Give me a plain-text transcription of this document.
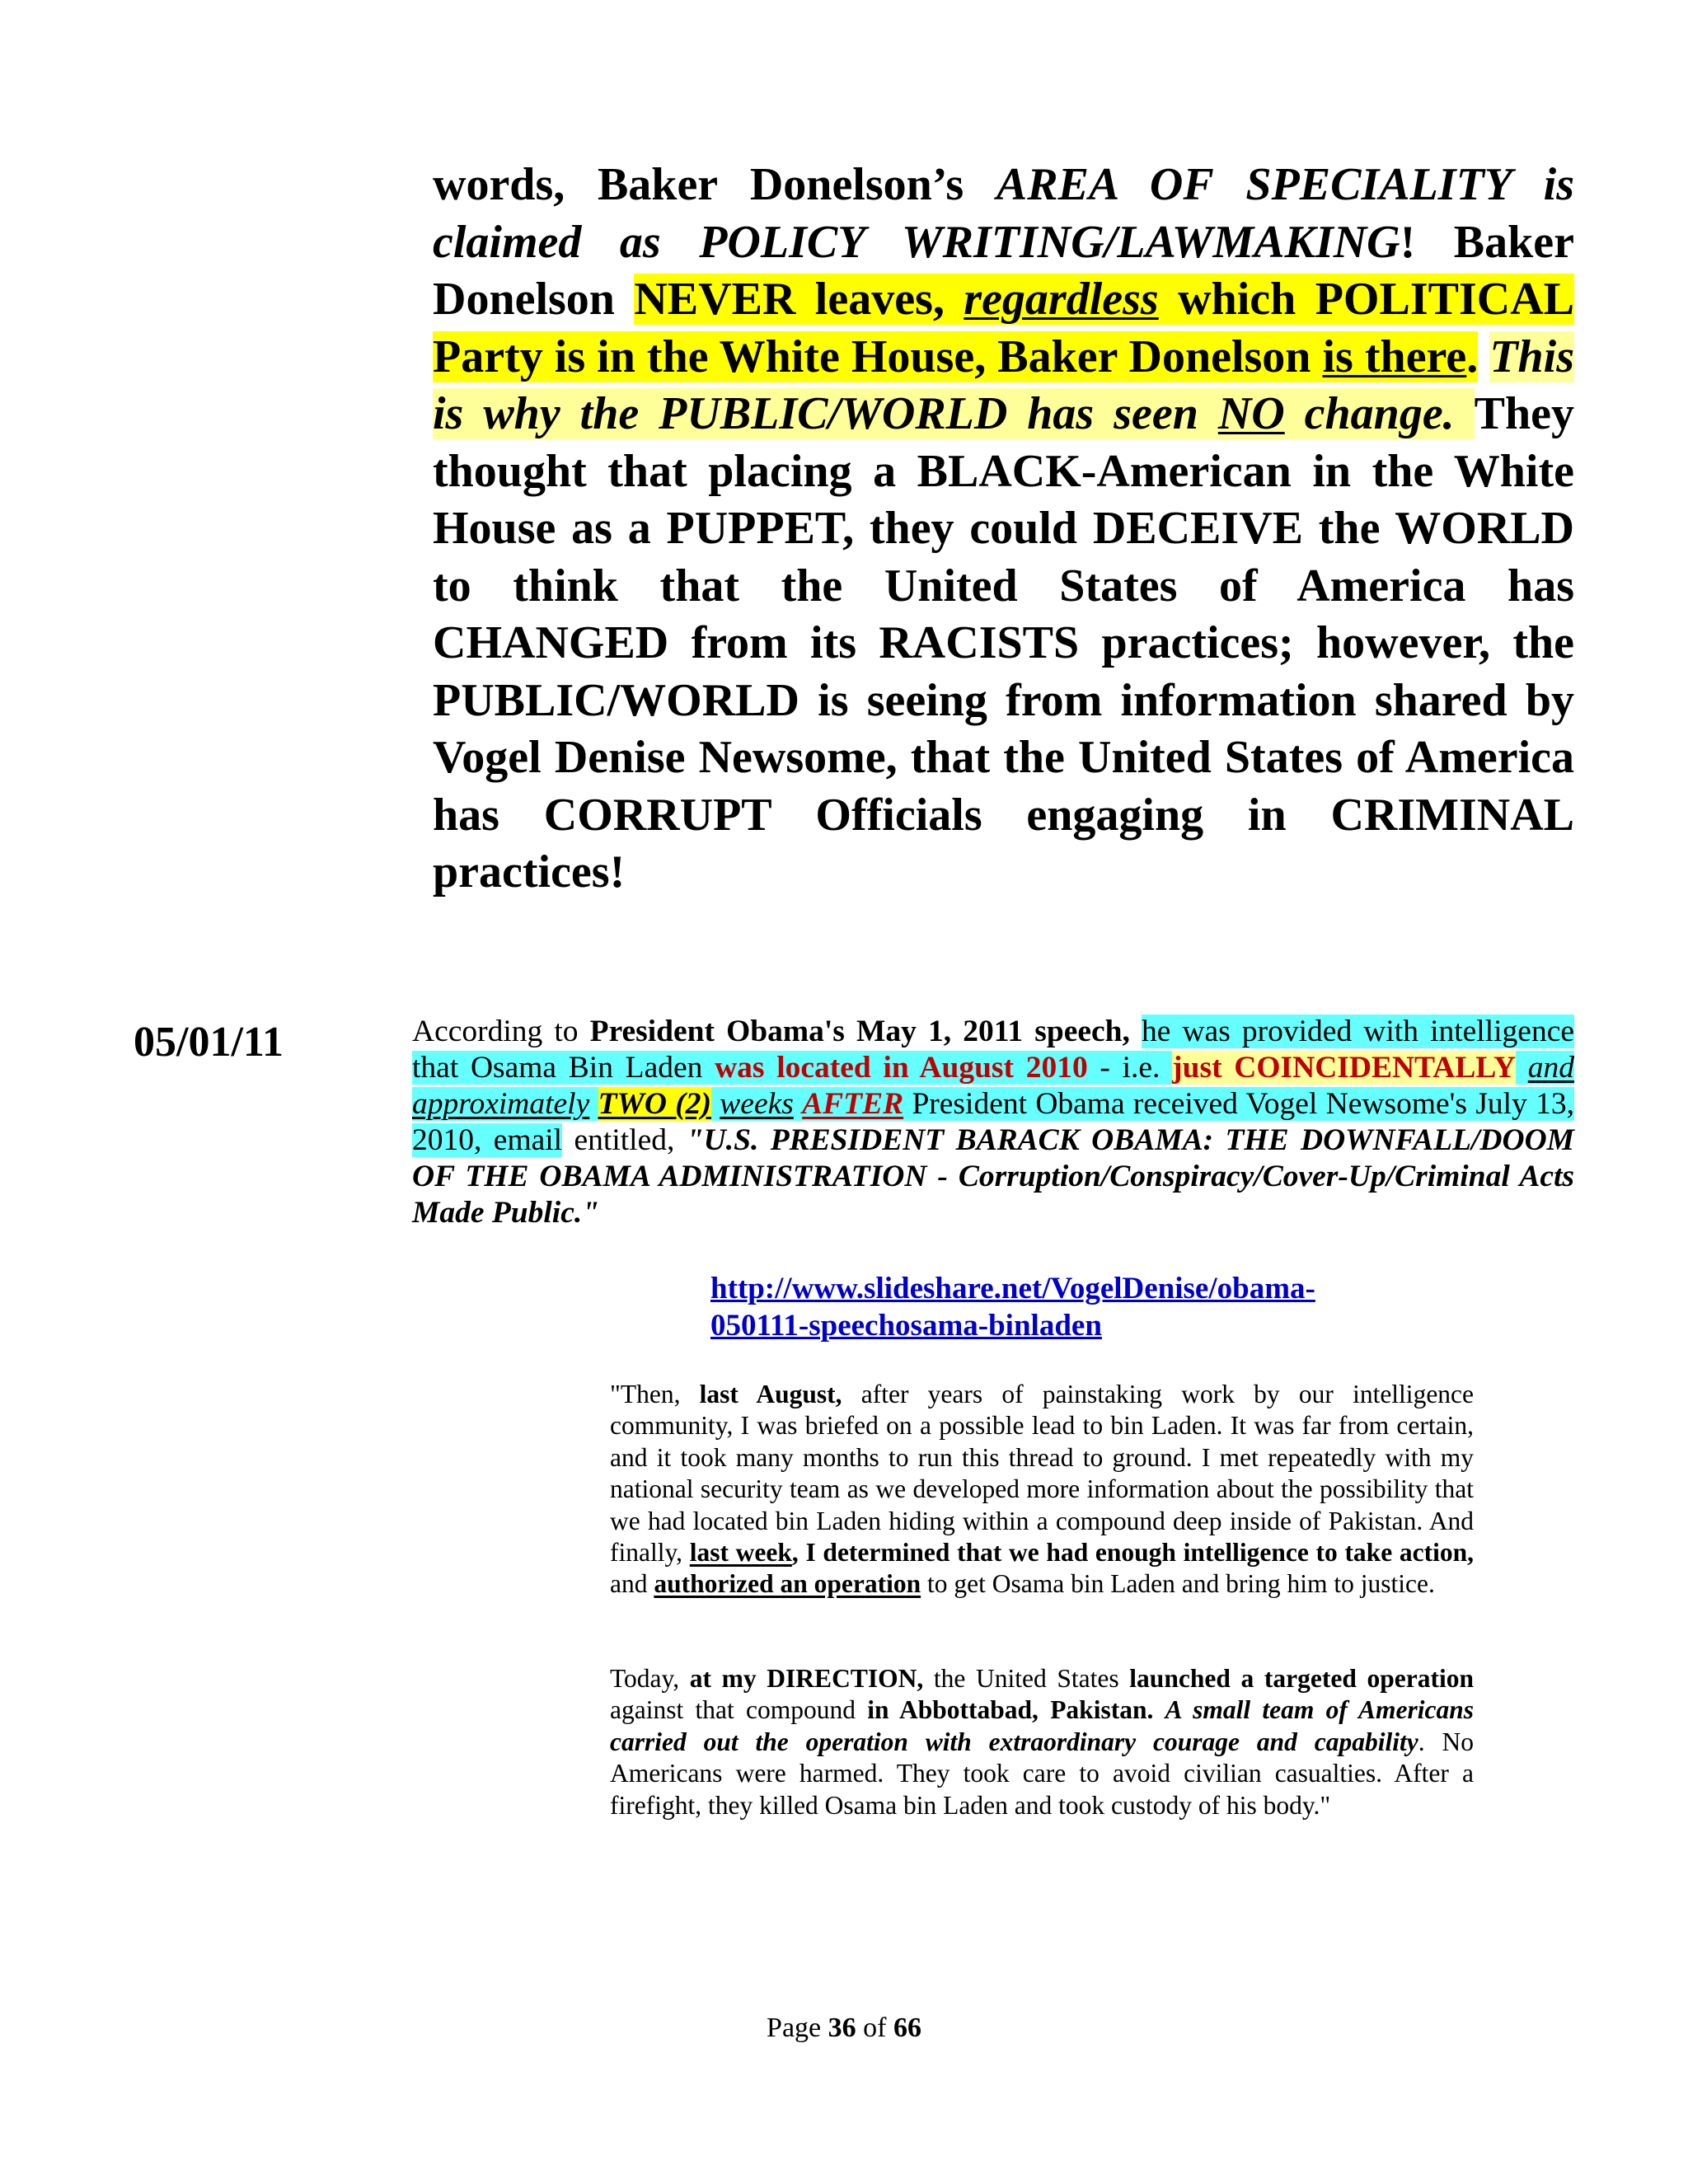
words, Baker Donelson’s AREA OF SPECIALITY is claimed as POLICY WRITING/LAWMAKING! Baker Donelson NEVER leaves, regardless which POLITICAL Party is in the White House, Baker Donelson is there. This is why the PUBLIC/WORLD has seen NO change. They thought that placing a BLACK-American in the White House as a PUPPET, they could DECEIVE the WORLD to think that the United States of America has CHANGED from its RACISTS practices; however, the PUBLIC/WORLD is seeing from information shared by Vogel Denise Newsome, that the United States of America has CORRUPT Officials engaging in CRIMINAL practices!

05/01/11	According to President Obama's May 1, 2011 speech, he was provided with intelligence that Osama Bin Laden was located in August 2010 - i.e. just COINCIDENTALLY and approximately TWO (2) weeks AFTER President Obama received Vogel Newsome's July 13, 2010, email entitled, "U.S. PRESIDENT BARACK OBAMA: THE DOWNFALL/DOOM OF THE OBAMA ADMINISTRATION - Corruption/Conspiracy/Cover-Up/Criminal Acts Made Public."

http://www.slideshare.net/VogelDenise/obama-
050111-speechosama-binladen

"Then, last August, after years of painstaking work by our intelligence community, I was briefed on a possible lead to bin Laden. It was far from certain, and it took many months to run this thread to ground. I met repeatedly with my national security team as we developed more information about the possibility that we had located bin Laden hiding within a compound deep inside of Pakistan. And finally, last week, I determined that we had enough intelligence to take action, and authorized an operation to get Osama bin Laden and bring him to justice.

Today, at my DIRECTION, the United States launched a targeted operation against that compound in Abbottabad, Pakistan. A small team of Americans carried out the operation with extraordinary courage and capability. No Americans were harmed. They took care to avoid civilian casualties. After a firefight, they killed Osama bin Laden and took custody of his body."

Page 36 of 66
